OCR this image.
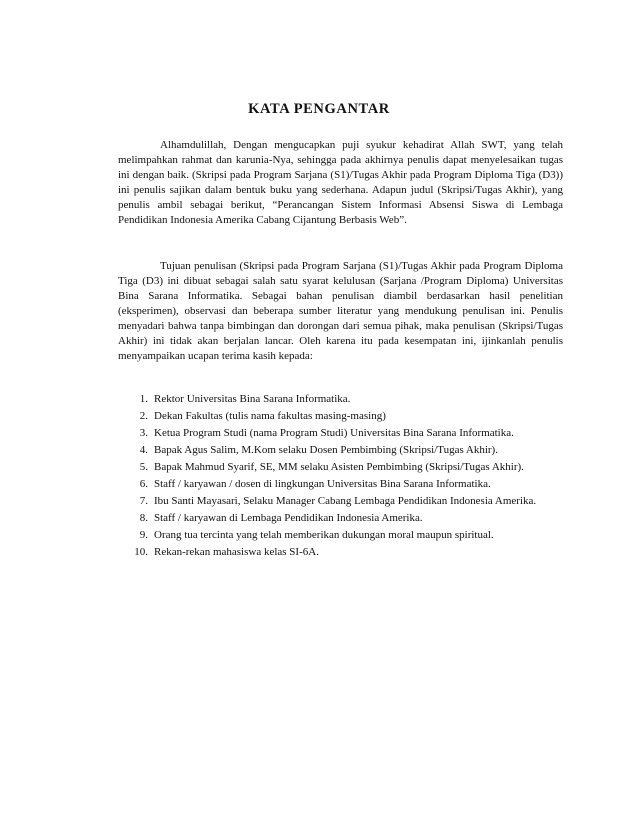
KATA PENGANTAR

Alhamdulillah, Dengan mengucapkan puji syukur kehadirat Allah SWT, yang telah melimpahkan rahmat dan karunia-Nya, sehingga pada akhirnya penulis dapat menyelesaikan tugas ini dengan baik. (Skripsi pada Program Sarjana (S1)/Tugas Akhir pada Program Diploma Tiga (D3)) ini penulis sajikan dalam bentuk buku yang sederhana. Adapun judul (Skripsi/Tugas Akhir), yang penulis ambil sebagai berikut, “Perancangan Sistem Informasi Absensi Siswa di Lembaga Pendidikan Indonesia Amerika Cabang Cijantung Berbasis Web”.

Tujuan penulisan (Skripsi pada Program Sarjana (S1)/Tugas Akhir pada Program Diploma Tiga (D3) ini dibuat sebagai salah satu syarat kelulusan (Sarjana /Program Diploma) Universitas Bina Sarana Informatika. Sebagai bahan penulisan diambil berdasarkan hasil penelitian (eksperimen), observasi dan beberapa sumber literatur yang mendukung penulisan ini. Penulis menyadari bahwa tanpa bimbingan dan dorongan dari semua pihak, maka penulisan (Skripsi/Tugas Akhir) ini tidak akan berjalan lancar. Oleh karena itu pada kesempatan ini, ijinkanlah penulis menyampaikan ucapan terima kasih kepada:

1. Rektor Universitas Bina Sarana Informatika.
2. Dekan Fakultas (tulis nama fakultas masing-masing)
3. Ketua Program Studi (nama Program Studi) Universitas Bina Sarana Informatika.
4. Bapak Agus Salim, M.Kom selaku Dosen Pembimbing (Skripsi/Tugas Akhir).
5. Bapak Mahmud Syarif, SE, MM selaku Asisten Pembimbing (Skripsi/Tugas Akhir).
6. Staff / karyawan / dosen di lingkungan Universitas Bina Sarana Informatika.
7. Ibu Santi Mayasari, Selaku Manager Cabang Lembaga Pendidikan Indonesia Amerika.
8. Staff / karyawan di Lembaga Pendidikan Indonesia Amerika.
9. Orang tua tercinta yang telah memberikan dukungan moral maupun spiritual.
10. Rekan-rekan mahasiswa kelas SI-6A.
